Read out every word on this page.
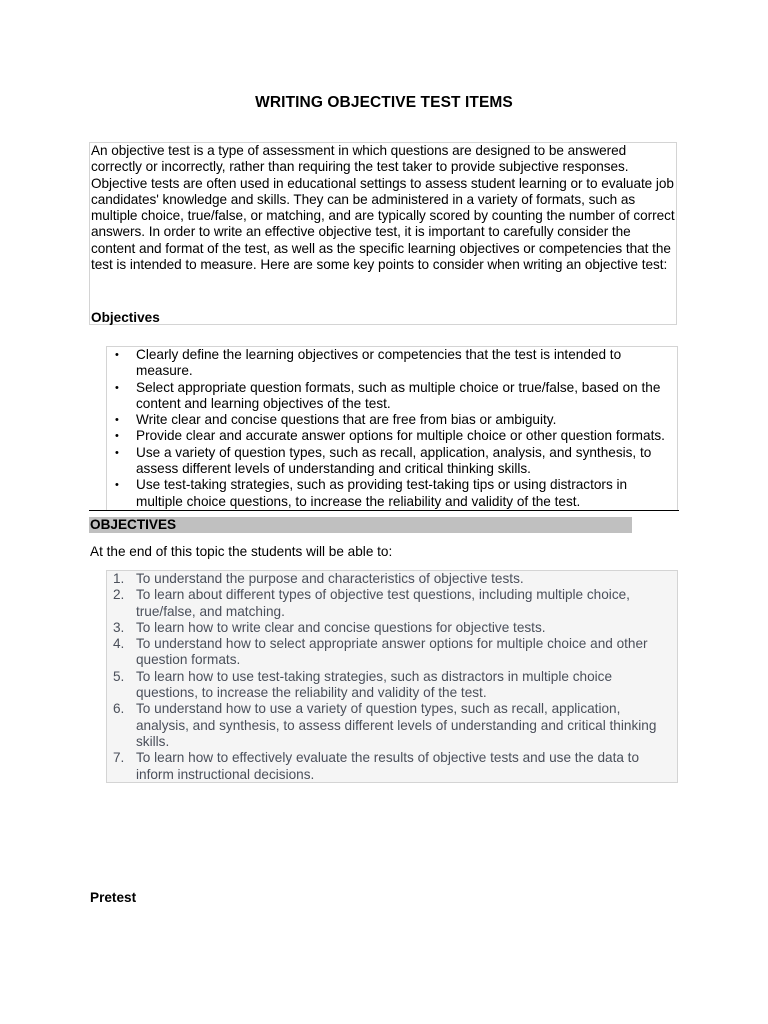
WRITING OBJECTIVE TEST ITEMS

An objective test is a type of assessment in which questions are designed to be answered correctly or incorrectly, rather than requiring the test taker to provide subjective responses. Objective tests are often used in educational settings to assess student learning or to evaluate job candidates' knowledge and skills. They can be administered in a variety of formats, such as multiple choice, true/false, or matching, and are typically scored by counting the number of correct answers. In order to write an effective objective test, it is important to carefully consider the content and format of the test, as well as the specific learning objectives or competencies that the test is intended to measure. Here are some key points to consider when writing an objective test:

Objectives
• Clearly define the learning objectives or competencies that the test is intended to measure.
• Select appropriate question formats, such as multiple choice or true/false, based on the content and learning objectives of the test.
• Write clear and concise questions that are free from bias or ambiguity.
• Provide clear and accurate answer options for multiple choice or other question formats.
• Use a variety of question types, such as recall, application, analysis, and synthesis, to assess different levels of understanding and critical thinking skills.
• Use test-taking strategies, such as providing test-taking tips or using distractors in multiple choice questions, to increase the reliability and validity of the test.
OBJECTIVES
At the end of this topic the students will be able to:
1. To understand the purpose and characteristics of objective tests.
2. To learn about different types of objective test questions, including multiple choice, true/false, and matching.
3. To learn how to write clear and concise questions for objective tests.
4. To understand how to select appropriate answer options for multiple choice and other question formats.
5. To learn how to use test-taking strategies, such as distractors in multiple choice questions, to increase the reliability and validity of the test.
6. To understand how to use a variety of question types, such as recall, application, analysis, and synthesis, to assess different levels of understanding and critical thinking skills.
7. To learn how to effectively evaluate the results of objective tests and use the data to inform instructional decisions.
Pretest
